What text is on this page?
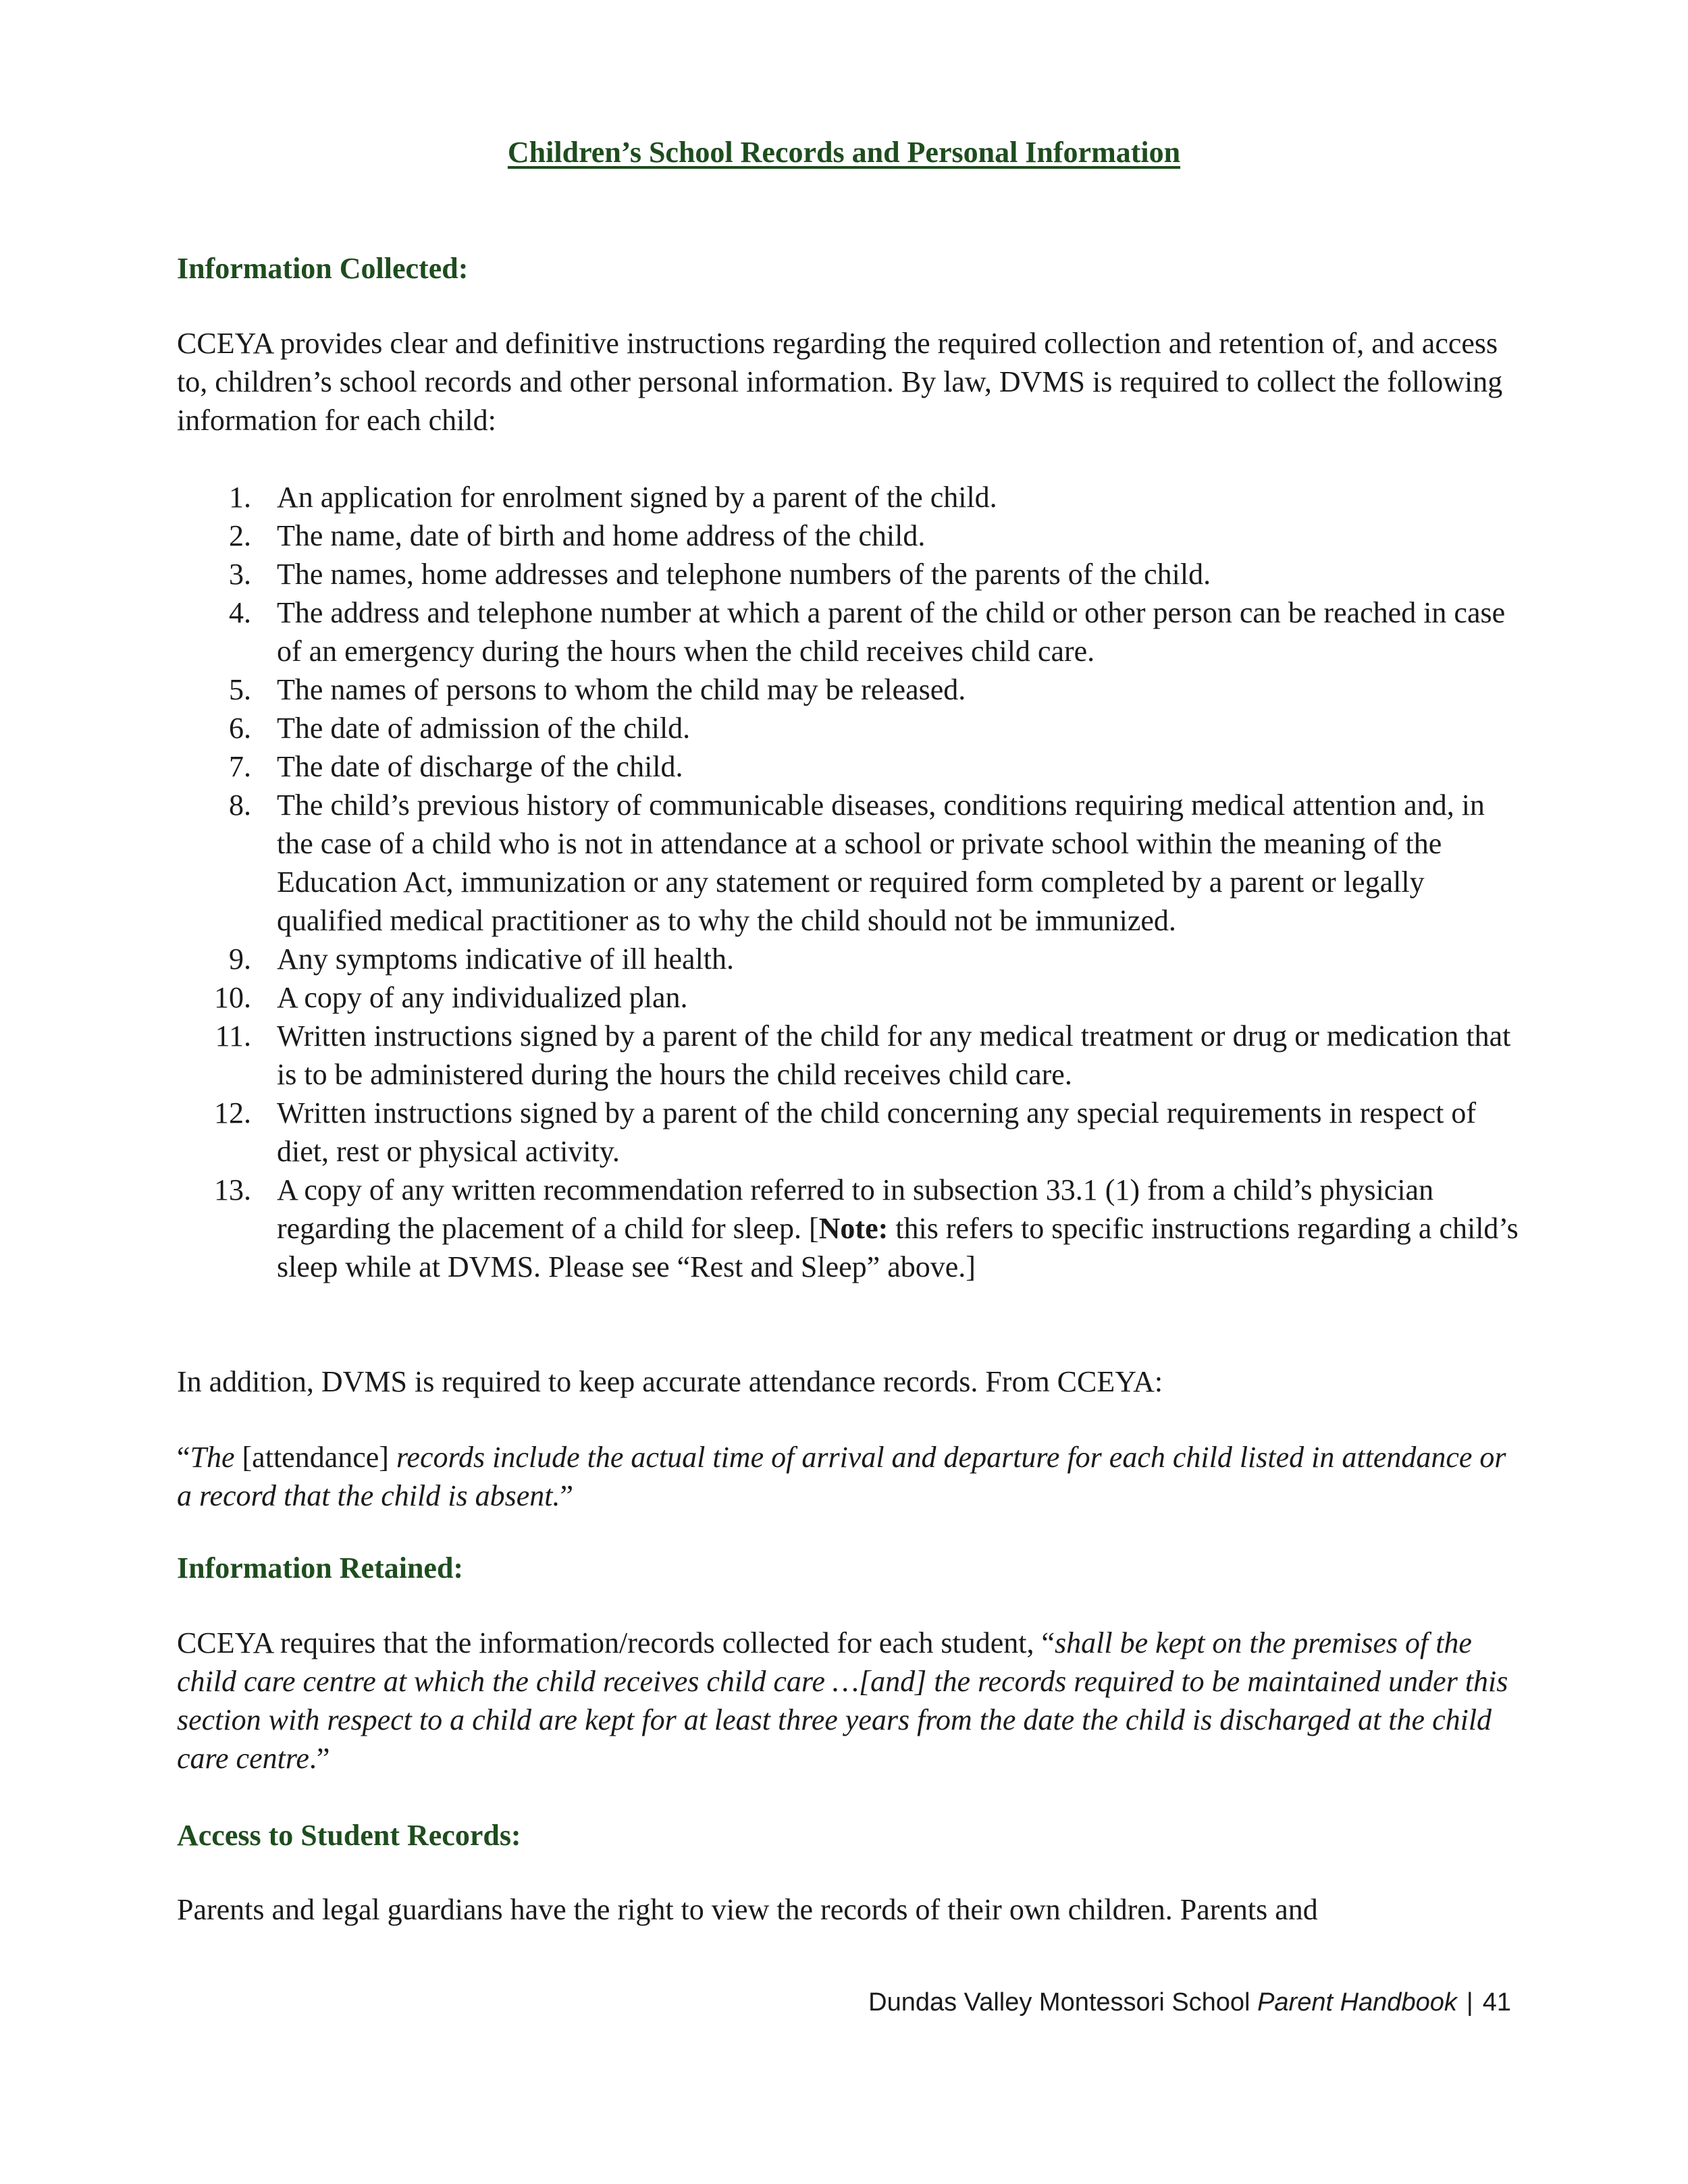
Children’s School Records and Personal Information
Information Collected:

CCEYA provides clear and definitive instructions regarding the required collection and retention of, and access to, children’s school records and other personal information. By law, DVMS is required to collect the following information for each child:

1. An application for enrolment signed by a parent of the child.
2. The name, date of birth and home address of the child.
3. The names, home addresses and telephone numbers of the parents of the child.
4. The address and telephone number at which a parent of the child or other person can be reached in case of an emergency during the hours when the child receives child care.
5. The names of persons to whom the child may be released.
6. The date of admission of the child.
7. The date of discharge of the child.
8. The child’s previous history of communicable diseases, conditions requiring medical attention and, in the case of a child who is not in attendance at a school or private school within the meaning of the Education Act, immunization or any statement or required form completed by a parent or legally qualified medical practitioner as to why the child should not be immunized.
9. Any symptoms indicative of ill health.
10. A copy of any individualized plan.
11. Written instructions signed by a parent of the child for any medical treatment or drug or medication that is to be administered during the hours the child receives child care.
12. Written instructions signed by a parent of the child concerning any special requirements in respect of diet, rest or physical activity.
13. A copy of any written recommendation referred to in subsection 33.1 (1) from a child’s physician regarding the placement of a child for sleep. [Note: this refers to specific instructions regarding a child’s sleep while at DVMS. Please see “Rest and Sleep” above.]

In addition, DVMS is required to keep accurate attendance records. From CCEYA:

“The [attendance] records include the actual time of arrival and departure for each child listed in attendance or a record that the child is absent.”

Information Retained:

CCEYA requires that the information/records collected for each student, “shall be kept on the premises of the child care centre at which the child receives child care …[and] the records required to be maintained under this section with respect to a child are kept for at least three years from the date the child is discharged at the child care centre.”

Access to Student Records:

Parents and legal guardians have the right to view the records of their own children. Parents and

Dundas Valley Montessori School Parent Handbook | 41
